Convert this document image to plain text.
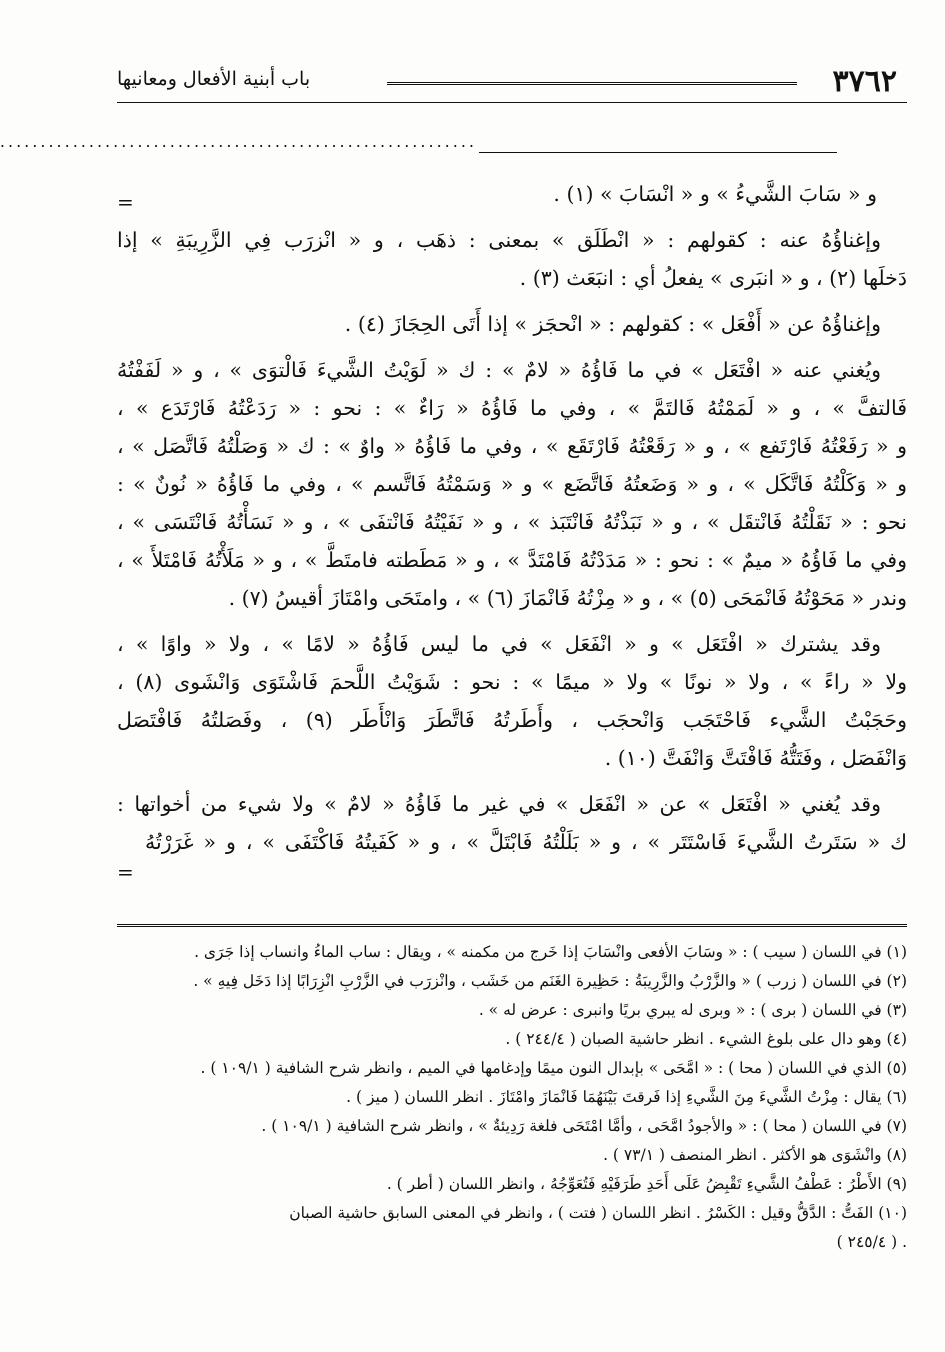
٣٧٦٢
باب أبنية الأفعال ومعانيها
...........................................................
=
=
و « سَابَ الشَّيءُ » و « انْسَابَ » (١) .
وإغناؤُهُ عنه : كقولهم : « انْطَلَق » بمعنى : ذهَب ، و « انْزرَب فِي الزَّرِيبَةِ » إذا
دَخلَها (٢) ، و « انبَرى » يفعلُ أي : انبَعَث (٣) .
وإغناؤُهُ عن « أَفْعَل » : كقولهم : « انْحجَز » إذا أَتَى الحِجَازَ (٤) .
ويُغني عنه « افْتَعَل » في ما فَاؤُهُ « لامٌ » : ك « لَوَيْتُ الشَّيءَ فَالْتوَى » ، و « لَفَفْتُهُ
فَالتفَّ » ، و « لَمَمْتُهُ فَالتَمَّ » ، وفي ما فَاؤُهُ « رَاءٌ » : نحو : « رَدَعْتُهُ فَارْتَدَع » ،
و « رَفَعْتُهُ فَارْتَفع » ، و « رَقَعْتُهُ فَارْتَقَع » ، وفي ما فَاؤُهُ « واوٌ » : ك « وَصَلْتُهُ فَاتَّصَل » ،
و « وَكَلْتُهُ فَاتَّكَل » ، و « وَضَعتُهُ فَاتَّضَع » و « وَسَمْتُهُ فَاتَّسم » ، وفي ما فَاؤُهُ « نُونٌ » :
نحو : « نَقَلْتُهُ فَانْتقَل » ، و « نَبَذْتُهُ فَانْتَبَذ » ، و « نَفَيْتُهُ فَانْتفَى » ، و « نَسَأْتُهُ فَانْتَسَى » ،
وفي ما فَاؤُهُ « ميمٌ » : نحو : « مَدَدْتُهُ فَامْتَدَّ » ، و « مَطَطته فامتَطَّ » ، و « مَلَأْتُهُ فَامْتَلأَ » ،
وندر « مَحَوْتُهُ فَانْمَحَى (٥) » ، و « مِزْتُهُ فَانْمَازَ (٦) » ، وامتَحَى وامْتَازَ أقيسُ (٧) .
وقد يشترك « افْتَعَل » و « انْفَعَل » في ما ليس فَاؤُهُ « لامًا » ، ولا « واوًا » ،
ولا « راءً » ، ولا « نونًا » ولا « ميمًا » : نحو : شَوَيْتُ اللَّحمَ فَاشْتَوَى وَانْشَوى (٨) ،
وحَجَبْتُ الشَّيء فَاحْتَجَب وَانْحجَب ، وأَطَرتُهُ فَاتَّطَرَ وَانْأَطَر (٩) ، وفَصَلتُهُ فَافْتَصَل
وَانْفَصَل ، وفَتَتُّهُ فَافْتَتَّ وَانْفَتَّ (١٠) .
وقد يُغني « افْتَعَل » عن « انْفَعَل » في غير ما فَاؤُهُ « لامٌ » ولا شيء من أخواتها :
ك « سَتَرتُ الشَّيءَ فَاسْتَتَر » ، و « بَلَلْتُهُ فَابْتَلَّ » ، و « كَفَيتُهُ فَاكْتَفَى » ، و « غَرَرْتُهُ
(١) في اللسان ( سيب ) : « وسَابَ الأفعى وانْسَابَ إذا خَرج من مكمنه » ، ويقال : ساب الماءُ وانساب إذا جَرَى .
(٢) في اللسان ( زرب ) « والزَّرْبُ والزَّرِيبَةُ : حَظِيرة الغَنَم من خَشَب ، وانْزرَب في الزَّرْبِ انْزِرَابًا إذا دَخَل فِيهِ » .
(٣) في اللسان ( برى ) : « وبرى له يبري بريًا وانبرى : عرض له » .
(٤) وهو دال على بلوغ الشيء . انظر حاشية الصبان ( ٢٤٤/٤ ) .
(٥) الذي في اللسان ( محا ) : « امَّحَى » بإبدال النون ميمًا وإدغامها في الميم ، وانظر شرح الشافية ( ١٠٩/١ ) .
(٦) يقال : مِزْتُ الشَّيءَ مِنَ الشَّيءِ إذا فَرقتَ بَيْنَهُمَا فَانْمَازَ وامْتَازَ . انظر اللسان ( ميز ) .
(٧) في اللسان ( محا ) : « والأجودُ امَّحَى ، وأمَّا امْتَحَى فلغة رَدِيئةٌ » ، وانظر شرح الشافية ( ١٠٩/١ ) .
(٨) وانْشَوَى هو الأكثر . انظر المنصف ( ٧٣/١ ) .
(٩) الأَطْرُ : عَطْفُ الشَّيءِ تَقْبِضُ عَلَى أَحَدِ طَرَفَيْهِ فَتُعَوِّجُهُ ، وانظر اللسان ( أطر ) .
(١٠) الفَتُّ : الدَّقُّ وقيل : الكَسْرُ . انظر اللسان ( فتت ) ، وانظر في المعنى السابق حاشية الصبان
. ( ٢٤٥/٤ )
